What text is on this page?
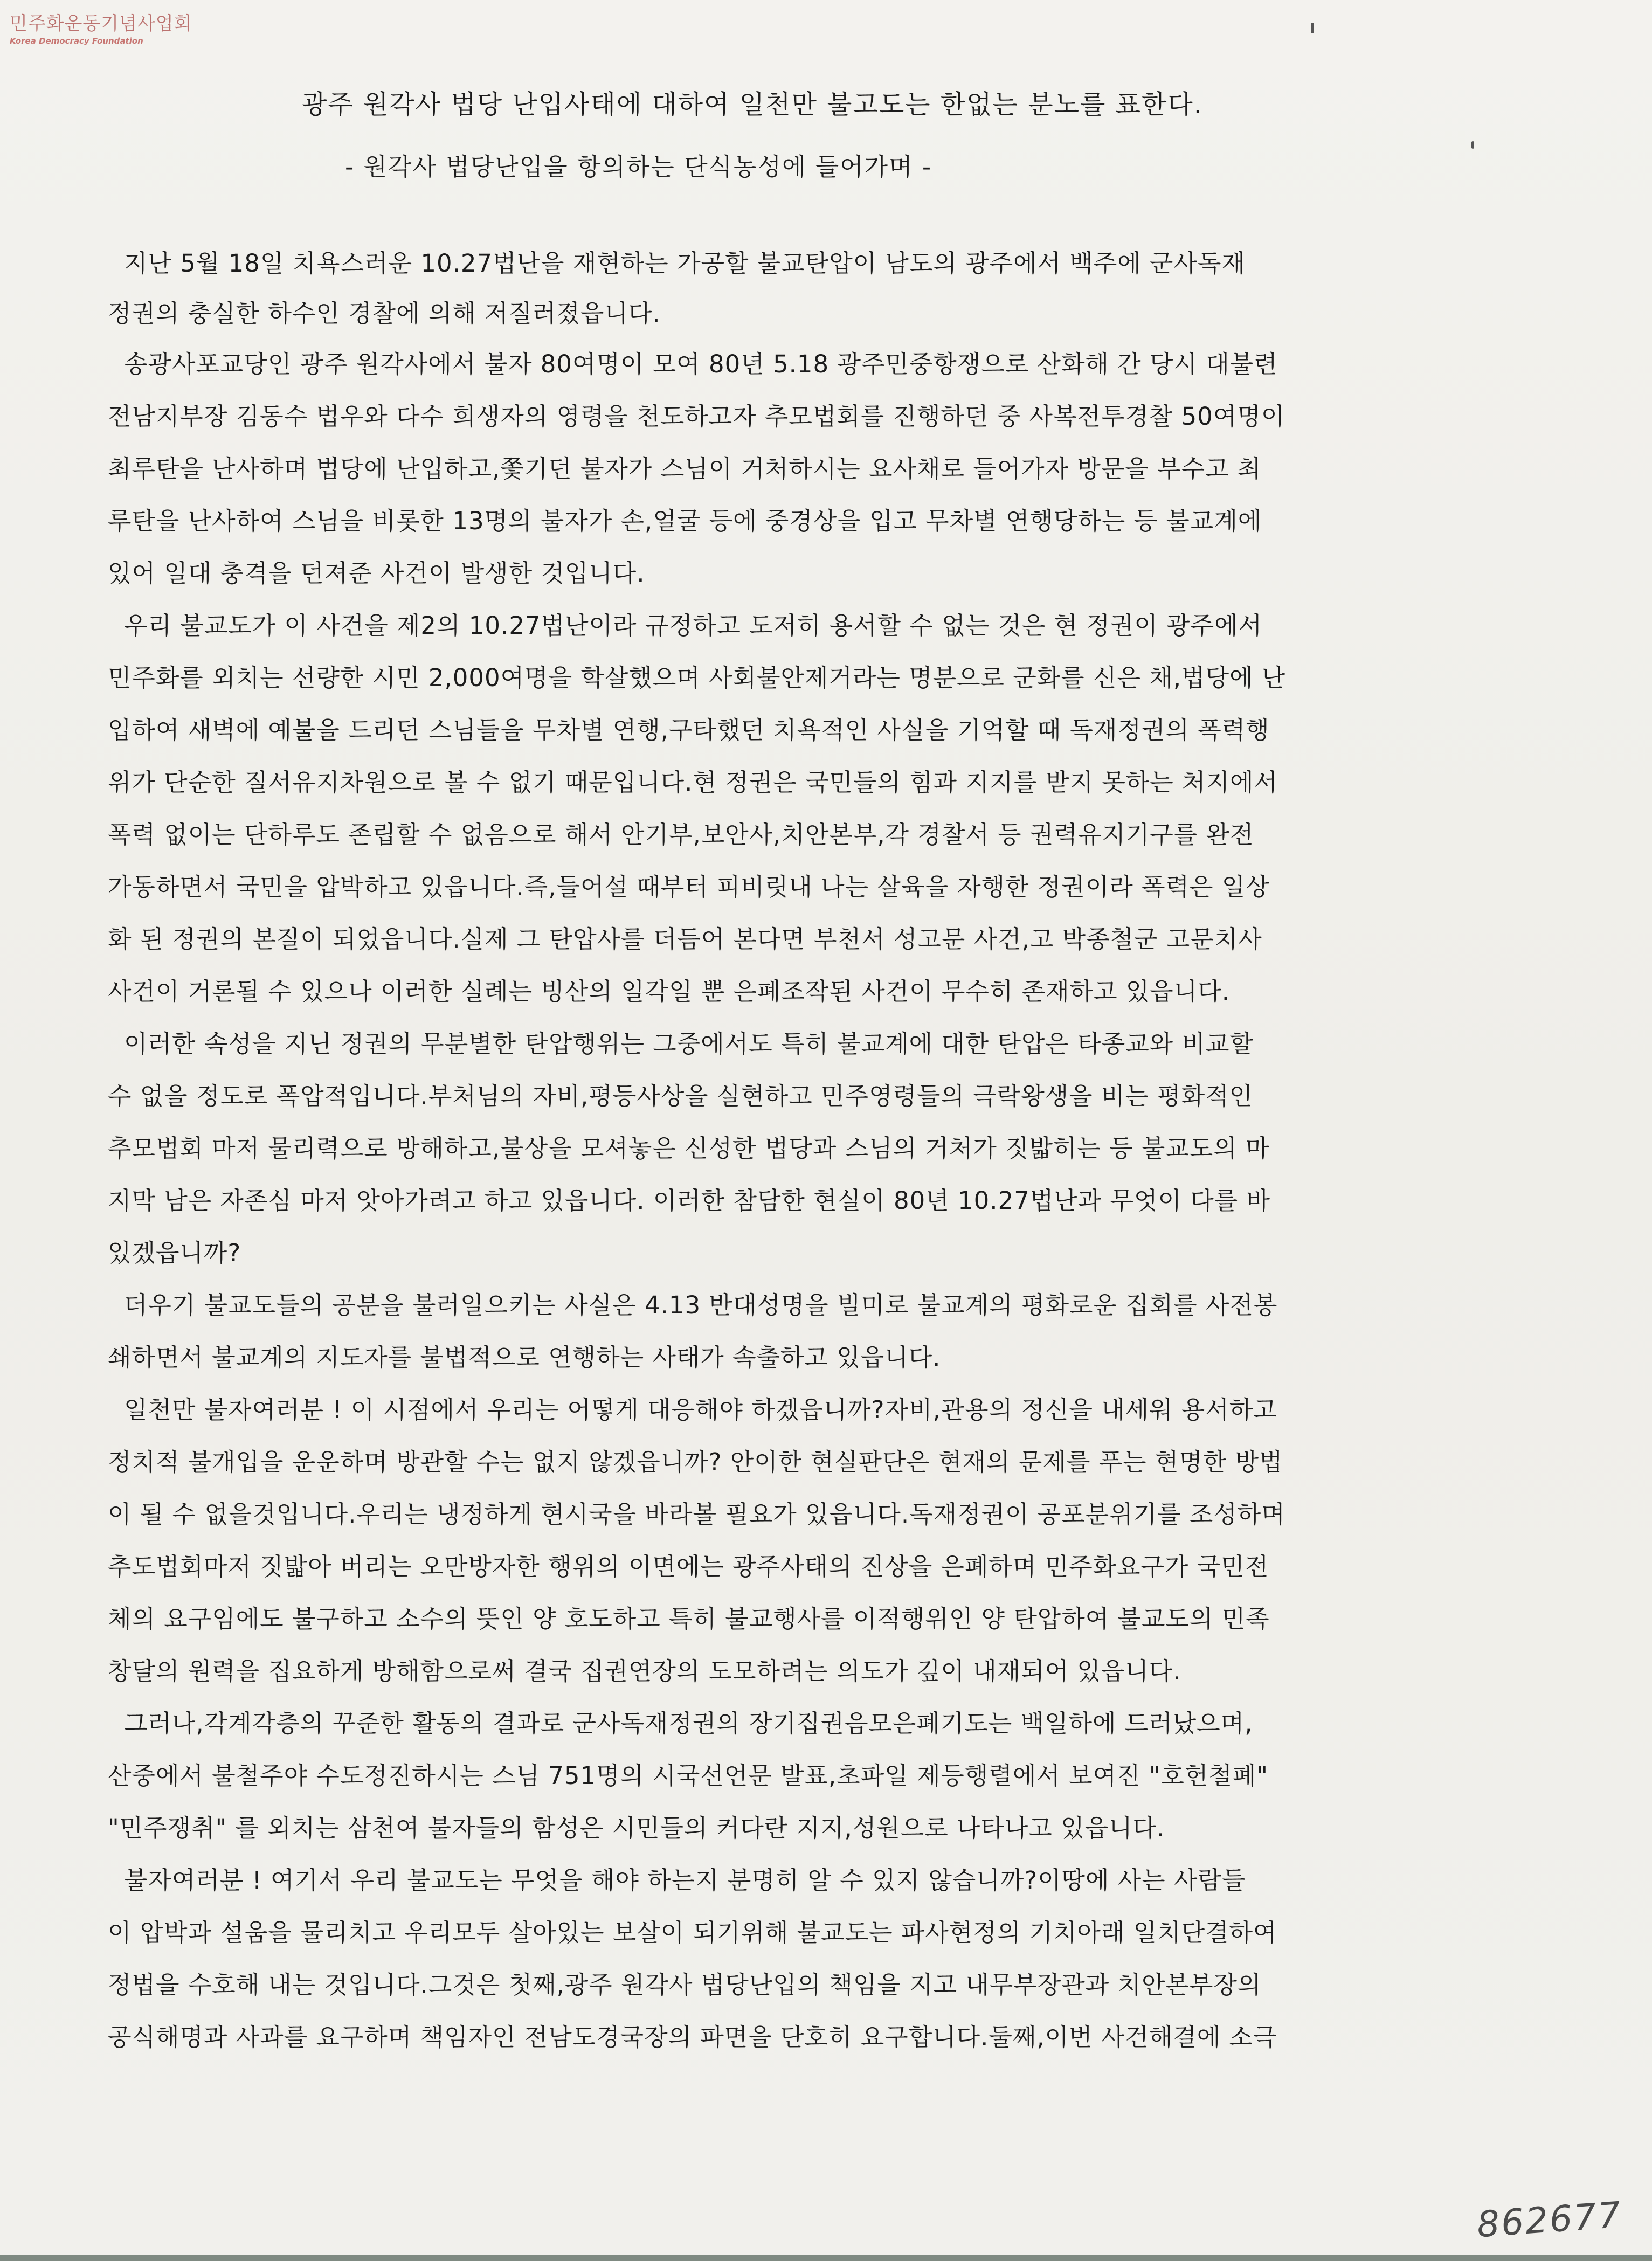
민주화운동기념사업회
Korea Democracy Foundation
광주 원각사 법당 난입사태에 대하여 일천만 불고도는 한없는 분노를 표한다.
- 원각사 법당난입을 항의하는 단식농성에 들어가며 -
지난 5월 18일 치욕스러운 10.27법난을 재현하는 가공할 불교탄압이 남도의 광주에서 백주에 군사독재
정권의 충실한 하수인 경찰에 의해 저질러졌읍니다.
송광사포교당인 광주 원각사에서 불자 80여명이 모여 80년 5.18 광주민중항쟁으로 산화해 간 당시 대불련
전남지부장 김동수 법우와 다수 희생자의 영령을 천도하고자 추모법회를 진행하던 중 사복전투경찰 50여명이
최루탄을 난사하며 법당에 난입하고,쫓기던 불자가 스님이 거처하시는 요사채로 들어가자 방문을 부수고 최
루탄을 난사하여 스님을 비롯한 13명의 불자가 손,얼굴 등에 중경상을 입고 무차별 연행당하는 등 불교계에
있어 일대 충격을 던져준 사건이 발생한 것입니다.
우리 불교도가 이 사건을 제2의 10.27법난이라 규정하고 도저히 용서할 수 없는 것은 현 정권이 광주에서
민주화를 외치는 선량한 시민 2,000여명을 학살했으며 사회불안제거라는 명분으로 군화를 신은 채,법당에 난
입하여 새벽에 예불을 드리던 스님들을 무차별 연행,구타했던 치욕적인 사실을 기억할 때 독재정권의 폭력행
위가 단순한 질서유지차원으로 볼 수 없기 때문입니다.현 정권은 국민들의 힘과 지지를 받지 못하는 처지에서
폭력 없이는 단하루도 존립할 수 없음으로 해서 안기부,보안사,치안본부,각 경찰서 등 권력유지기구를 완전
가동하면서 국민을 압박하고 있읍니다.즉,들어설 때부터 피비릿내 나는 살육을 자행한 정권이라 폭력은 일상
화 된 정권의 본질이 되었읍니다.실제 그 탄압사를 더듬어 본다면 부천서 성고문 사건,고 박종철군 고문치사
사건이 거론될 수 있으나 이러한 실례는 빙산의 일각일 뿐 은폐조작된 사건이 무수히 존재하고 있읍니다.
이러한 속성을 지닌 정권의 무분별한 탄압행위는 그중에서도 특히 불교계에 대한 탄압은 타종교와 비교할
수 없을 정도로 폭압적입니다.부처님의 자비,평등사상을 실현하고 민주영령들의 극락왕생을 비는 평화적인
추모법회 마저 물리력으로 방해하고,불상을 모셔놓은 신성한 법당과 스님의 거처가 짓밟히는 등 불교도의 마
지막 남은 자존심 마저 앗아가려고 하고 있읍니다. 이러한 참담한 현실이 80년 10.27법난과 무엇이 다를 바
있겠읍니까?
더우기 불교도들의 공분을 불러일으키는 사실은 4.13 반대성명을 빌미로 불교계의 평화로운 집회를 사전봉
쇄하면서 불교계의 지도자를 불법적으로 연행하는 사태가 속출하고 있읍니다.
일천만 불자여러분 ! 이 시점에서 우리는 어떻게 대응해야 하겠읍니까?자비,관용의 정신을 내세워 용서하고
정치적 불개입을 운운하며 방관할 수는 없지 않겠읍니까? 안이한 현실판단은 현재의 문제를 푸는 현명한 방법
이 될 수 없을것입니다.우리는 냉정하게 현시국을 바라볼 필요가 있읍니다.독재정권이 공포분위기를 조성하며
추도법회마저 짓밟아 버리는 오만방자한 행위의 이면에는 광주사태의 진상을 은폐하며 민주화요구가 국민전
체의 요구임에도 불구하고 소수의 뜻인 양 호도하고 특히 불교행사를 이적행위인 양 탄압하여 불교도의 민족
창달의 원력을 집요하게 방해함으로써 결국 집권연장의 도모하려는 의도가 깊이 내재되어 있읍니다.
그러나,각계각층의 꾸준한 활동의 결과로 군사독재정권의 장기집권음모은폐기도는 백일하에 드러났으며,
산중에서 불철주야 수도정진하시는 스님 751명의 시국선언문 발표,초파일 제등행렬에서 보여진 "호헌철폐"
"민주쟁취" 를 외치는 삼천여 불자들의 함성은 시민들의 커다란 지지,성원으로 나타나고 있읍니다.
불자여러분 ! 여기서 우리 불교도는 무엇을 해야 하는지 분명히 알 수 있지 않습니까?이땅에 사는 사람들
이 압박과 설움을 물리치고 우리모두 살아있는 보살이 되기위해 불교도는 파사현정의 기치아래 일치단결하여
정법을 수호해 내는 것입니다.그것은 첫째,광주 원각사 법당난입의 책임을 지고 내무부장관과 치안본부장의
공식해명과 사과를 요구하며 책임자인 전남도경국장의 파면을 단호히 요구합니다.둘째,이번 사건해결에 소극
862677
